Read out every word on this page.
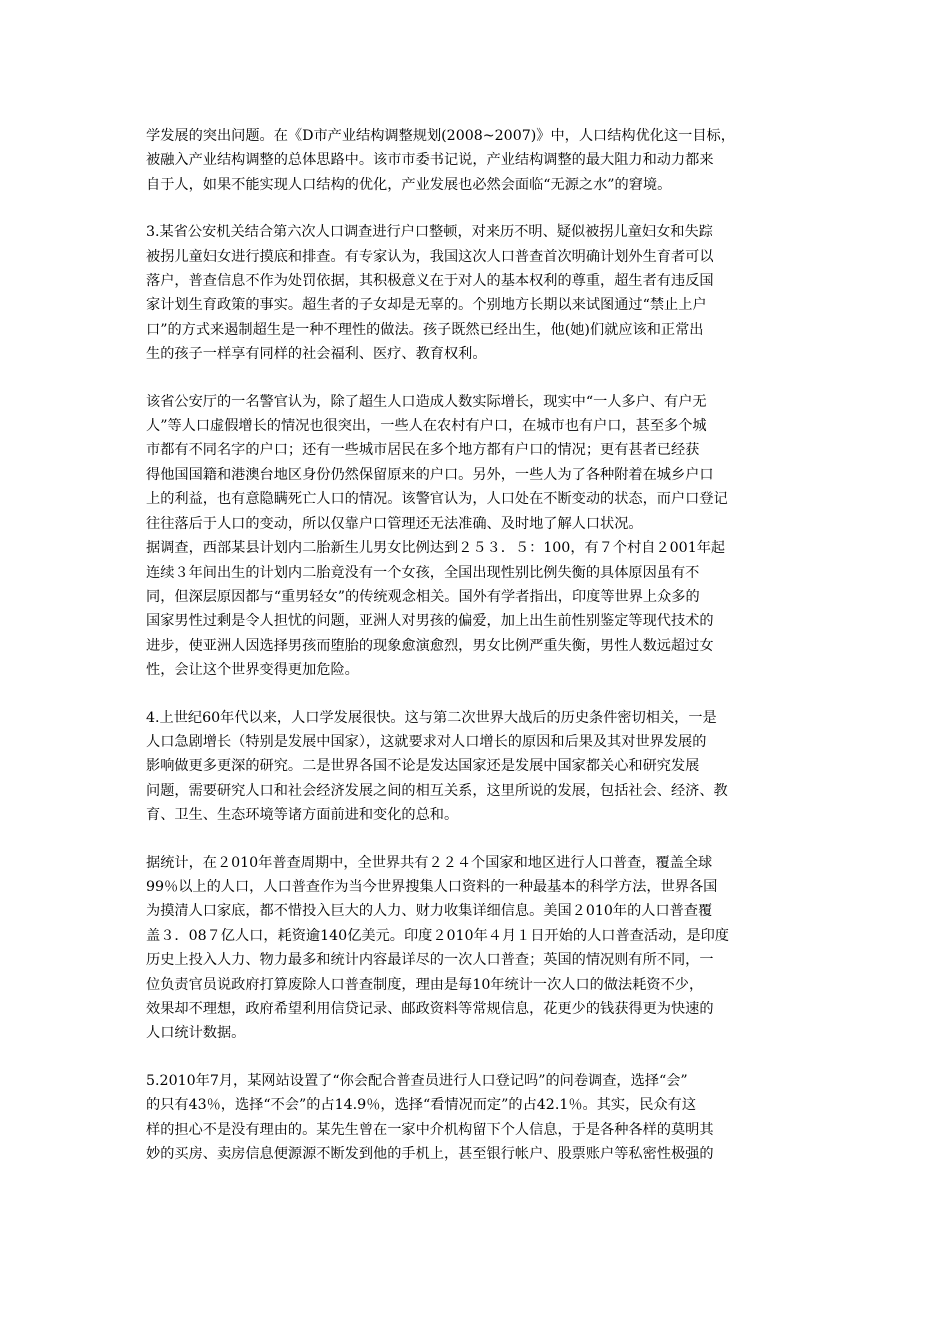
学发展的突出问题。在《D市产业结构调整规划(2008~2007)》中，人口结构优化这一目标，
被融入产业结构调整的总体思路中。该市市委书记说，产业结构调整的最大阻力和动力都来
自于人，如果不能实现人口结构的优化，产业发展也必然会面临“无源之水”的窘境。
3.某省公安机关结合第六次人口调查进行户口整顿，对来历不明、疑似被拐儿童妇女和失踪
被拐儿童妇女进行摸底和排查。有专家认为，我国这次人口普查首次明确计划外生育者可以
落户，普查信息不作为处罚依据，其积极意义在于对人的基本权利的尊重，超生者有违反国
家计划生育政策的事实。超生者的子女却是无辜的。个别地方长期以来试图通过“禁止上户
口”的方式来遏制超生是一种不理性的做法。孩子既然已经出生，他(她)们就应该和正常出
生的孩子一样享有同样的社会福利、医疗、教育权利。
该省公安厅的一名警官认为，除了超生人口造成人数实际增长，现实中“一人多户、有户无
人”等人口虚假增长的情况也很突出，一些人在农村有户口，在城市也有户口，甚至多个城
市都有不同名字的户口；还有一些城市居民在多个地方都有户口的情况；更有甚者已经获
得他国国籍和港澳台地区身份仍然保留原来的户口。另外，一些人为了各种附着在城乡户口
上的利益，也有意隐瞒死亡人口的情况。该警官认为，人口处在不断变动的状态，而户口登记
往往落后于人口的变动，所以仅靠户口管理还无法准确、及时地了解人口状况。
据调查，西部某县计划内二胎新生儿男女比例达到２５３．５：100，有７个村自２001年起
连续３年间出生的计划内二胎竟没有一个女孩，全国出现性别比例失衡的具体原因虽有不
同，但深层原因都与“重男轻女”的传统观念相关。国外有学者指出，印度等世界上众多的
国家男性过剩是令人担忧的问题，亚洲人对男孩的偏爱，加上出生前性别鉴定等现代技术的
进步，使亚洲人因选择男孩而堕胎的现象愈演愈烈，男女比例严重失衡，男性人数远超过女
性，会让这个世界变得更加危险。
4.上世纪60年代以来，人口学发展很快。这与第二次世界大战后的历史条件密切相关，一是
人口急剧增长（特别是发展中国家），这就要求对人口增长的原因和后果及其对世界发展的
影响做更多更深的研究。二是世界各国不论是发达国家还是发展中国家都关心和研究发展
问题，需要研究人口和社会经济发展之间的相互关系，这里所说的发展，包括社会、经济、教
育、卫生、生态环境等诸方面前进和变化的总和。
据统计，在２010年普查周期中，全世界共有２２４个国家和地区进行人口普查，覆盖全球
99％以上的人口，人口普查作为当今世界搜集人口资料的一种最基本的科学方法，世界各国
为摸清人口家底，都不惜投入巨大的人力、财力收集详细信息。美国２010年的人口普查覆
盖３．08７亿人口，耗资逾140亿美元。印度２010年４月１日开始的人口普查活动，是印度
历史上投入人力、物力最多和统计内容最详尽的一次人口普查；英国的情况则有所不同，一
位负责官员说政府打算废除人口普查制度，理由是每10年统计一次人口的做法耗资不少，
效果却不理想，政府希望利用信贷记录、邮政资料等常规信息，花更少的钱获得更为快速的
人口统计数据。
5.2010年7月，某网站设置了“你会配合普查员进行人口登记吗”的问卷调查，选择“会”
的只有43％，选择“不会”的占14.9％，选择“看情况而定”的占42.1％。其实，民众有这
样的担心不是没有理由的。某先生曾在一家中介机构留下个人信息，于是各种各样的莫明其
妙的买房、卖房信息便源源不断发到他的手机上，甚至银行帐户、股票账户等私密性极强的
